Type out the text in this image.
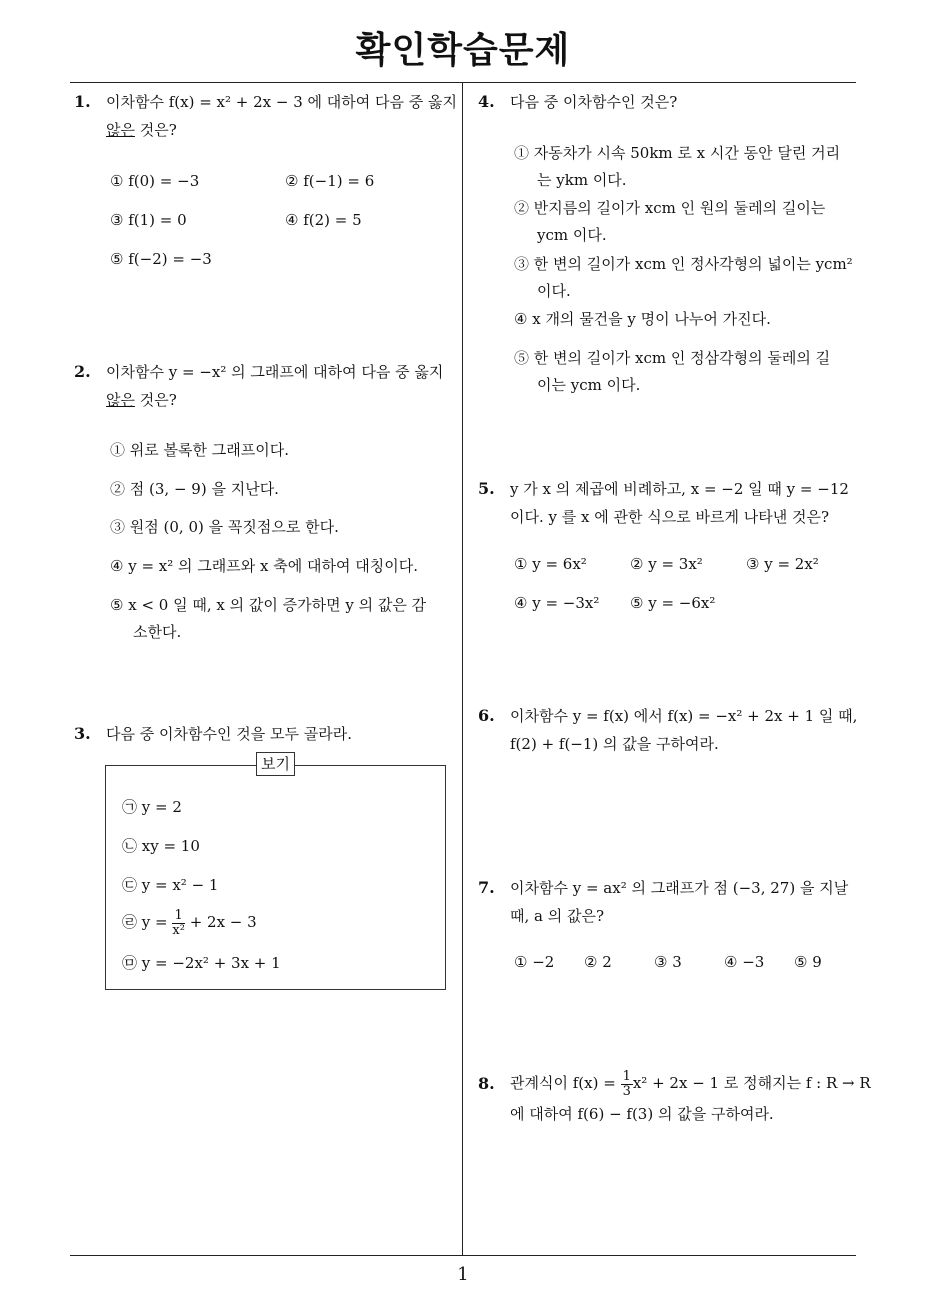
확인학습문제
1
1. 이차함수 f(x) = x² + 2x − 3 에 대하여 다음 중 옳지
않은 것은?
① f(0) = −3	② f(−1) = 6
③ f(1) = 0	④ f(2) = 5
⑤ f(−2) = −3
2. 이차함수 y = −x² 의 그래프에 대하여 다음 중 옳지
않은 것은?
① 위로 볼록한 그래프이다.
② 점 (3, − 9) 을 지난다.
③ 원점 (0, 0) 을 꼭짓점으로 한다.
④ y = x² 의 그래프와 x 축에 대하여 대칭이다.
⑤ x < 0 일 때, x 의 값이 증가하면 y 의 값은 감
소한다.
3. 다음 중 이차함수인 것을 모두 골라라.
보기
㉠ y = 2
㉡ xy = 10
㉢ y = x² − 1
㉣ $y = \frac{1}{\text{x²}} + 2x - 3$
㉤ y = −2x² + 3x + 1
4. 다음 중 이차함수인 것은?
① 자동차가 시속 50km 로 x 시간 동안 달린 거리
는 ykm 이다.
② 반지름의 길이가 xcm 인 원의 둘레의 길이는
ycm 이다.
③ 한 변의 길이가 xcm 인 정사각형의 넓이는 ycm²
이다.
④ x 개의 물건을 y 명이 나누어 가진다.
⑤ 한 변의 길이가 xcm 인 정삼각형의 둘레의 길
이는 ycm 이다.
5. y 가 x 의 제곱에 비례하고, x = −2 일 때 y = −12
이다. y 를 x 에 관한 식으로 바르게 나타낸 것은?
① y = 6x²	② y = 3x²	③ y = 2x²
④ y = −3x² ⑤ y = −6x²
6. 이차함수 y = f(x) 에서 f(x) = −x² + 2x + 1 일 때,
f(2) + f(−1) 의 값을 구하여라.
7. 이차함수 y = ax² 의 그래프가 점 (−3, 27) 을 지날
때, a 의 값은?
① −2 ② 2	③ 3	④ −3 ⑤ 9
8. 관계식이 $f(x) = \frac{1}{3} x^2 + 2x - 1$ 로 정해지는 f : R → R
에 대하여 f(6) − f(3) 의 값을 구하여라.
